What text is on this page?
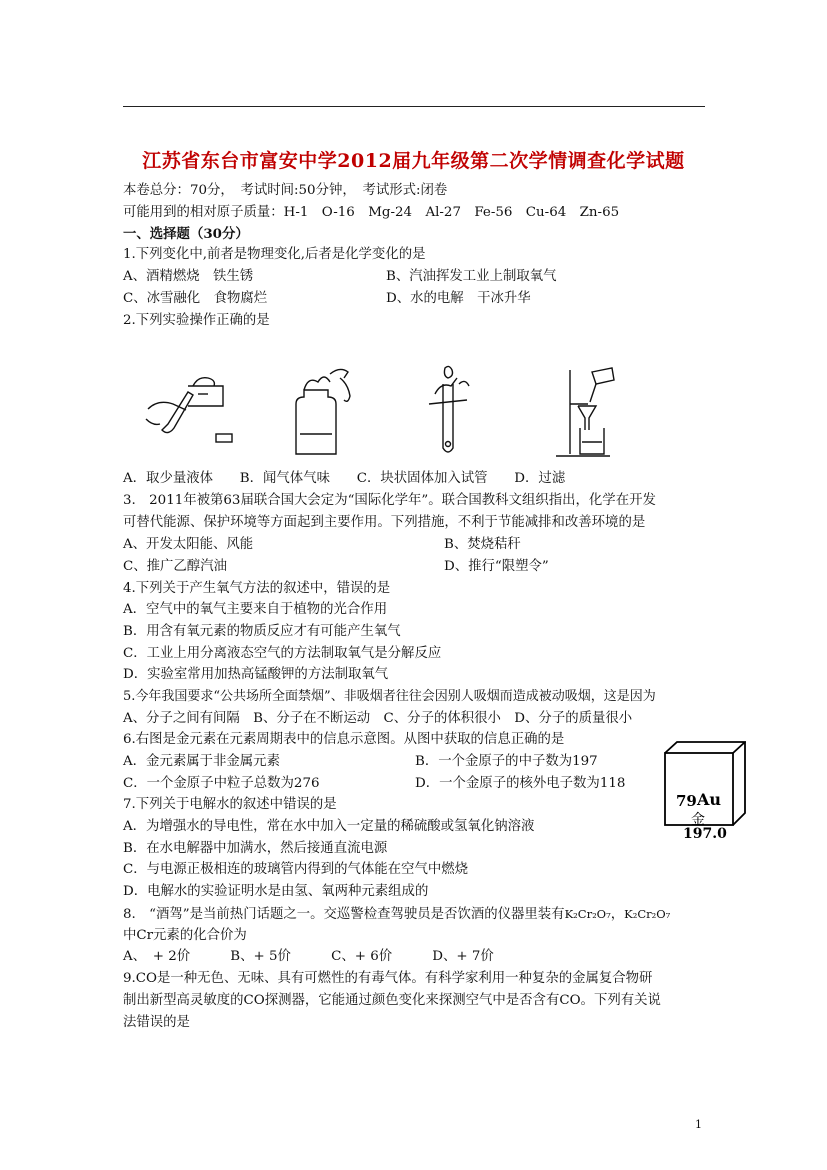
江苏省东台市富安中学2012届九年级第二次学情调查化学试题
本卷总分：70分，　考试时间:50分钟，　考试形式:闭卷
可能用到的相对原子质量：H-1　O-16　Mg-24　Al-27　Fe-56　Cu-64　Zn-65
一、选择题（30分）
1.下列变化中,前者是物理变化,后者是化学变化的是
A、酒精燃烧　铁生锈	B、汽油挥发工业上制取氧气
C、冰雪融化　食物腐烂	D、水的电解　干冰升华
2.下列实验操作正确的是
A．取少量液体　　B．闻气体气味　　C．块状固体加入试管　　D．过滤
3.　2011年被第63届联合国大会定为“国际化学年”。联合国教科文组织指出，化学在开发
可替代能源、保护环境等方面起到主要作用。下列措施，不利于节能减排和改善环境的是
A、开发太阳能、风能	B、焚烧秸秆
C、推广乙醇汽油	D、推行“限塑令”
4.下列关于产生氧气方法的叙述中，错误的是
A．空气中的氧气主要来自于植物的光合作用
B．用含有氧元素的物质反应才有可能产生氧气
C．工业上用分离液态空气的方法制取氧气是分解反应
D．实验室常用加热高锰酸钾的方法制取氧气
5.今年我国要求“公共场所全面禁烟”、非吸烟者往往会因别人吸烟而造成被动吸烟，这是因为
A、分子之间有间隔　B、分子在不断运动　C、分子的体积很小　D、分子的质量很小
6.右图是金元素在元素周期表中的信息示意图。从图中获取的信息正确的是
A．金元素属于非金属元素	B．一个金原子的中子数为197
C．一个金原子中粒子总数为276	D．一个金原子的核外电子数为118
79 Au
金
197.0
7.下列关于电解水的叙述中错误的是
A．为增强水的导电性，常在水中加入一定量的稀硫酸或氢氧化钠溶液
B．在水电解器中加满水，然后接通直流电源
C．与电源正极相连的玻璃管内得到的气体能在空气中燃烧
D．电解水的实验证明水是由氢、氧两种元素组成的
8.　“酒驾”是当前热门话题之一。交巡警检查驾驶员是否饮酒的仪器里装有K₂Cr₂O₇，K₂Cr₂O₇
中Cr元素的化合价为
A、　+ 2价　　　B、+ 5价　　　C、+ 6价　　　D、+ 7价
9.CO是一种无色、无味、具有可燃性的有毒气体。有科学家利用一种复杂的金属复合物研
制出新型高灵敏度的CO探测器，它能通过颜色变化来探测空气中是否含有CO。下列有关说
法错误的是
1
